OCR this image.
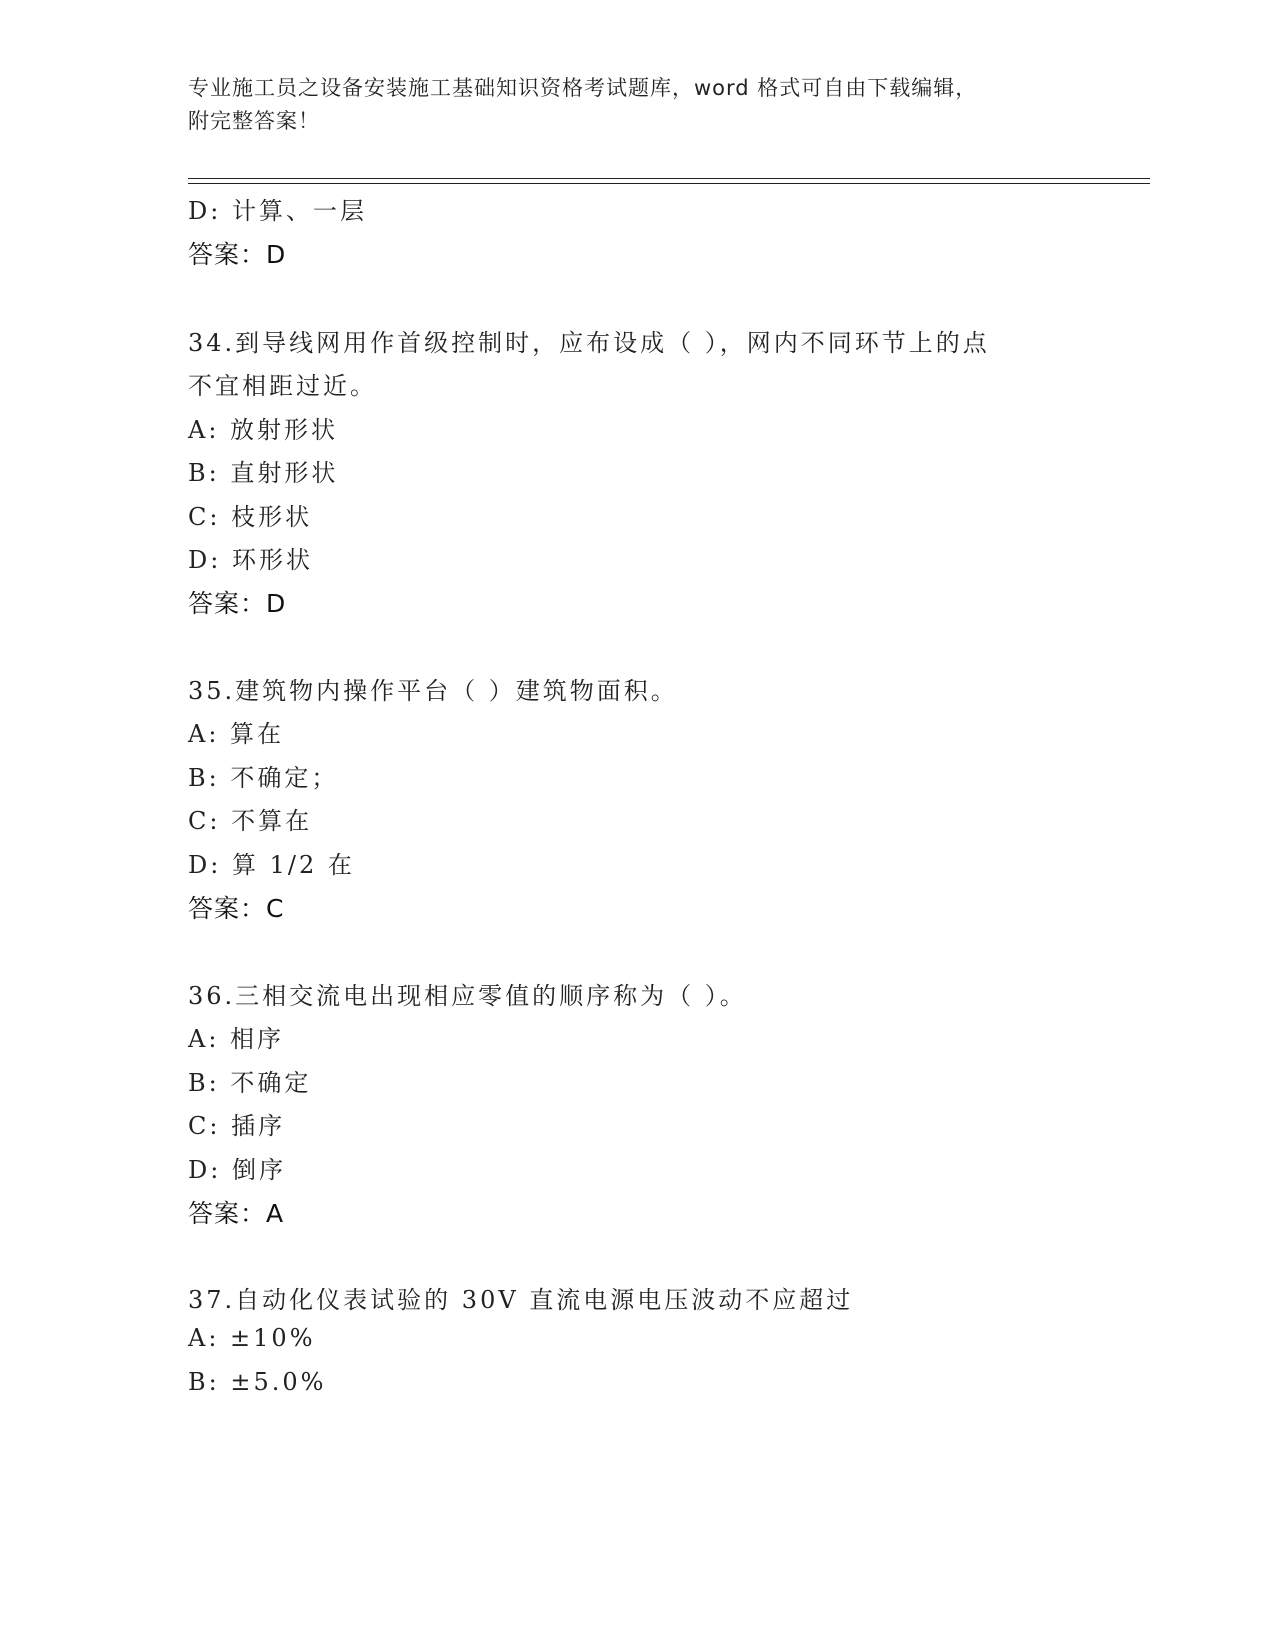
专业施工员之设备安装施工基础知识资格考试题库，word 格式可自由下载编辑，
附完整答案！
D: 计算、一层
答案：D
34.到导线网用作首级控制时，应布设成（ ），网内不同环节上的点
不宜相距过近。
A: 放射形状
B: 直射形状
C: 枝形状
D: 环形状
答案：D
35.建筑物内操作平台（ ）建筑物面积。
A: 算在
B: 不确定；
C: 不算在
D: 算 1/2 在
答案：C
36.三相交流电出现相应零值的顺序称为（ ）。
A: 相序
B: 不确定
C: 插序
D: 倒序
答案：A
37.自动化仪表试验的 30V 直流电源电压波动不应超过
A: ±10%
B: ±5.0%
